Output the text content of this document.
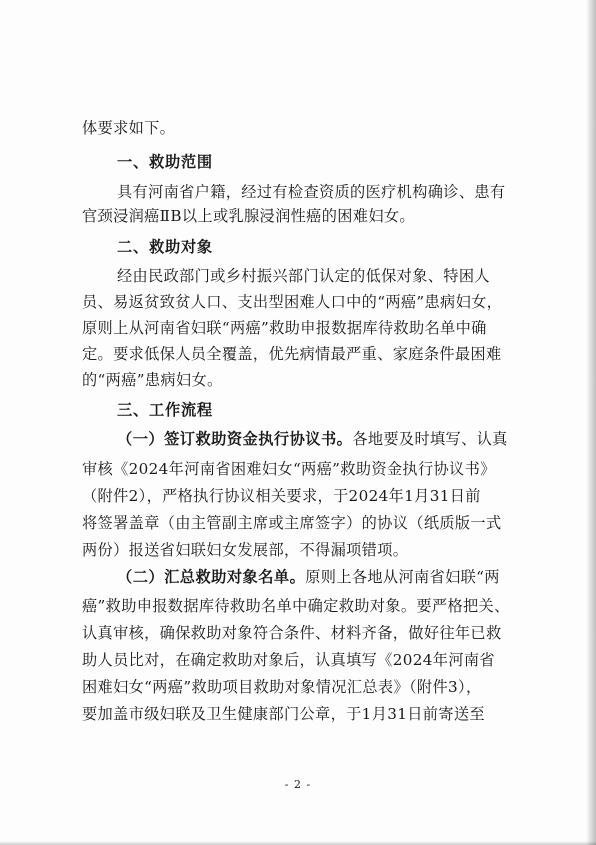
体要求如下。
一、救助范围
具有河南省户籍，经过有检查资质的医疗机构确诊、患有
官颈浸润癌ⅡB以上或乳腺浸润性癌的困难妇女。
二、救助对象
经由民政部门或乡村振兴部门认定的低保对象、特困人
员、易返贫致贫人口、支出型困难人口中的“两癌”患病妇女，
原则上从河南省妇联“两癌”救助申报数据库待救助名单中确
定。要求低保人员全覆盖，优先病情最严重、家庭条件最困难
的“两癌”患病妇女。
三、工作流程
（一）签订救助资金执行协议书。各地要及时填写、认真
审核《2024年河南省困难妇女“两癌”救助资金执行协议书》
（附件2），严格执行协议相关要求，于2024年1月31日前
将签署盖章（由主管副主席或主席签字）的协议（纸质版一式
两份）报送省妇联妇女发展部，不得漏项错项。
（二）汇总救助对象名单。原则上各地从河南省妇联“两
癌”救助申报数据库待救助名单中确定救助对象。要严格把关、
认真审核，确保救助对象符合条件、材料齐备，做好往年已救
助人员比对，在确定救助对象后，认真填写《2024年河南省
困难妇女“两癌”救助项目救助对象情况汇总表》（附件3），
要加盖市级妇联及卫生健康部门公章，于1月31日前寄送至
- 2 -
